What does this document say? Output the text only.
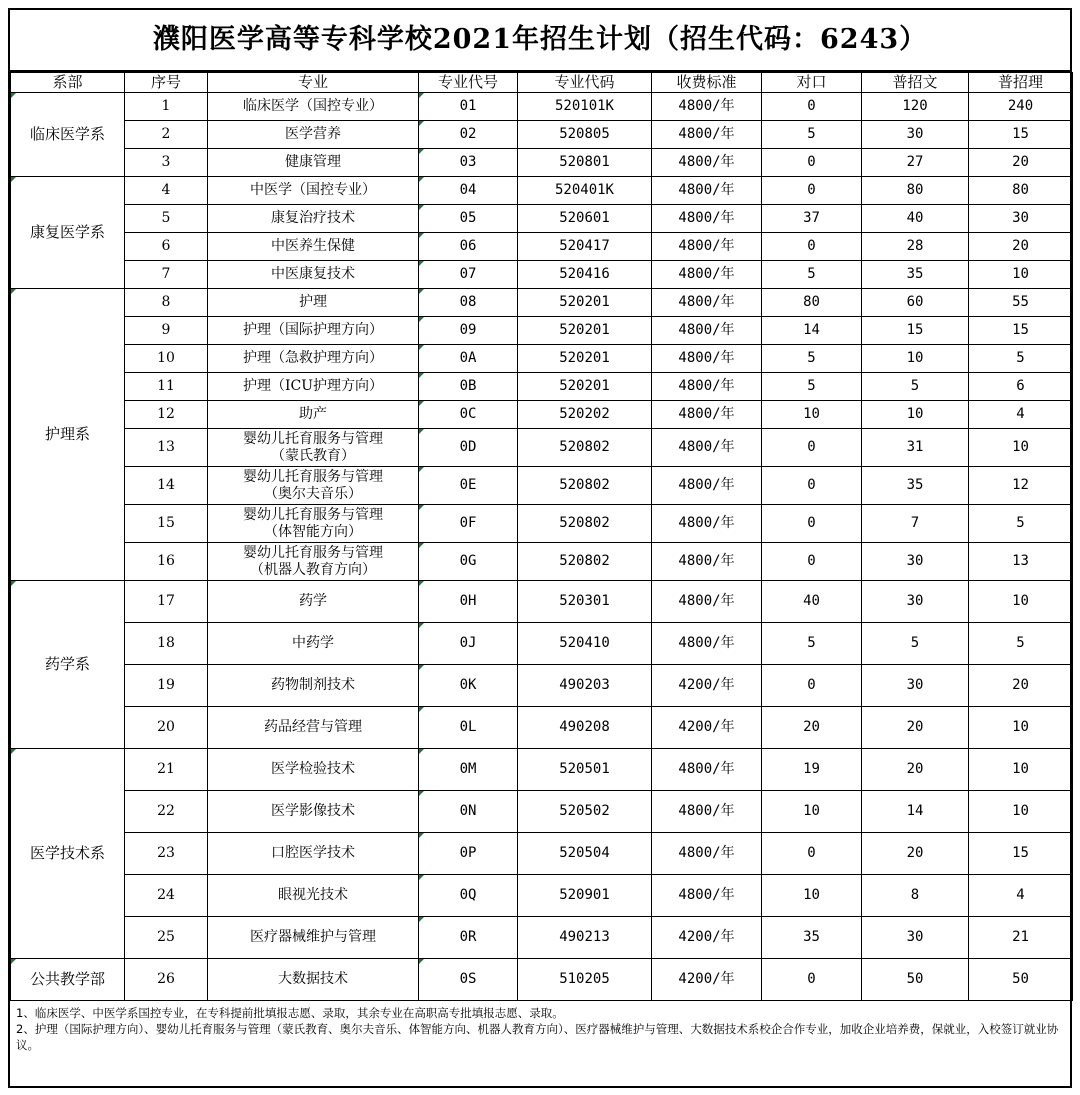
濮阳医学高等专科学校2021年招生计划（招生代码：6243）
系部	序号	专业	专业代号	专业代码	收费标准	对口	普招文	普招理
临床医学系	1	临床医学（国控专业）	01	520101K	4800/年	0	120	240
	2	医学营养	02	520805	4800/年	5	30	15
	3	健康管理	03	520801	4800/年	0	27	20
康复医学系	4	中医学（国控专业）	04	520401K	4800/年	0	80	80
	5	康复治疗技术	05	520601	4800/年	37	40	30
	6	中医养生保健	06	520417	4800/年	0	28	20
	7	中医康复技术	07	520416	4800/年	5	35	10
护理系	8	护理	08	520201	4800/年	80	60	55
	9	护理（国际护理方向）	09	520201	4800/年	14	15	15
	10	护理（急救护理方向）	0A	520201	4800/年	5	10	5
	11	护理（ICU护理方向）	0B	520201	4800/年	5	5	6
	12	助产	0C	520202	4800/年	10	10	4
	13	婴幼儿托育服务与管理
（蒙氏教育）	0D	520802	4800/年	0	31	10
	14	婴幼儿托育服务与管理
（奥尔夫音乐）	0E	520802	4800/年	0	35	12
	15	婴幼儿托育服务与管理
（体智能方向）	0F	520802	4800/年	0	7	5
	16	婴幼儿托育服务与管理
（机器人教育方向）	0G	520802	4800/年	0	30	13
药学系	17	药学	0H	520301	4800/年	40	30	10
	18	中药学	0J	520410	4800/年	5	5	5
	19	药物制剂技术	0K	490203	4200/年	0	30	20
	20	药品经营与管理	0L	490208	4200/年	20	20	10
医学技术系	21	医学检验技术	0M	520501	4800/年	19	20	10
	22	医学影像技术	0N	520502	4800/年	10	14	10
	23	口腔医学技术	0P	520504	4800/年	0	20	15
	24	眼视光技术	0Q	520901	4800/年	10	8	4
	25	医疗器械维护与管理	0R	490213	4200/年	35	30	21
公共教学部	26	大数据技术	0S	510205	4200/年	0	50	50

1、临床医学、中医学系国控专业，在专科提前批填报志愿、录取，其余专业在高职高专批填报志愿、录取。

2、护理（国际护理方向）、婴幼儿托育服务与管理（蒙氏教育、奥尔夫音乐、体智能方向、机器人教育方向）、医疗器械维护与管理、大数据技术系校企合作专业，加收企业培养费，保就业，入校签订就业协议。
